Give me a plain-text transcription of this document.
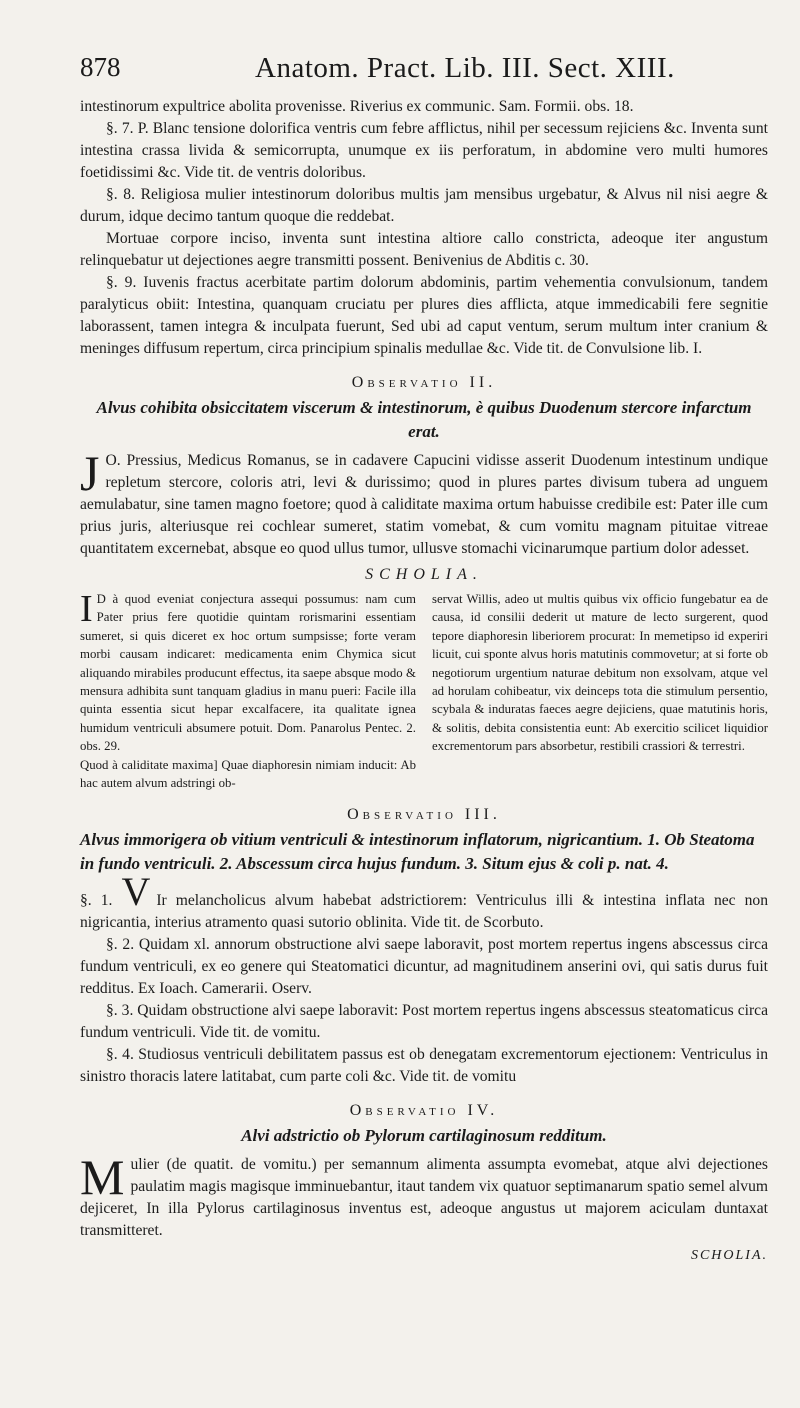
878	Anatom. Pract. Lib. III. Sect. XIII.

intestinorum expultrice abolita provenisse. Riverius ex communic. Sam. Formii. obs. 18.

§. 7. P. Blanc tensione dolorifica ventris cum febre afflictus, nihil per secessum rejiciens &c. Inventa sunt intestina crassa livida & semicorrupta, unumque ex iis perforatum, in abdomine vero multi humores foetidissimi &c. Vide tit. de ventris doloribus.

§. 8. Religiosa mulier intestinorum doloribus multis jam mensibus urgebatur, & Alvus nil nisi aegre & durum, idque decimo tantum quoque die reddebat.

Mortuae corpore inciso, inventa sunt intestina altiore callo constricta, adeoque iter angustum relinquebatur ut dejectiones aegre transmitti possent. Benivenius de Abditis c. 30.

§. 9. Iuvenis fractus acerbitate partim dolorum abdominis, partim vehementia convulsionum, tandem paralyticus obiit: Intestina, quanquam cruciatu per plures dies afflicta, atque immedicabili fere segnitie laborassent, tamen integra & inculpata fuerunt, Sed ubi ad caput ventum, serum multum inter cranium & meninges diffusum repertum, circa principium spinalis medullae &c. Vide tit. de Convulsione lib. I.

Observatio II.
Alvus cohibita obsiccitatem viscerum & intestinorum, è quibus Duodenum stercore infarctum erat.

J O. Pressius, Medicus Romanus, se in cadavere Capucini vidisse asserit Duodenum intestinum undique repletum stercore, coloris atri, levi & durissimo; quod in plures partes divisum tubera ad unguem aemulabatur, sine tamen magno foetore; quod à caliditate maxima ortum habuisse credibile est: Pater ille cum prius juris, alteriusque rei cochlear sumeret, statim vomebat, & cum vomitu magnam pituitae vitreae quantitatem excernebat, absque eo quod ullus tumor, ullusve stomachi vicinarumque partium dolor adesset.

SCHOLIA.
I D à quod eveniat conjectura assequi possumus: nam cum Pater prius fere quotidie quintam rorismarini essentiam sumeret, si quis diceret ex hoc ortum sumpsisse; forte veram morbi causam indicaret: medicamenta enim Chymica sicut aliquando mirabiles producunt effectus, ita saepe absque modo & mensura adhibita sunt tanquam gladius in manu pueri: Facile illa quinta essentia sicut hepar excalfacere, ita qualitate ignea humidum ventriculi absumere potuit. Dom. Panarolus Pentec. 2. obs. 29.
Quod à caliditate maxima] Quae diaphoresin nimiam inducit: Ab hac autem alvum adstringi ob-
servat Willis, adeo ut multis quibus vix officio fungebatur ea de causa, id consilii dederit ut mature de lecto surgerent, quod tepore diaphoresin liberiorem procurat: In memetipso id experiri licuit, cui sponte alvus horis matutinis commovetur; at si forte ob negotiorum urgentium naturae debitum non exsolvam, atque vel ad horulam cohibeatur, vix deinceps tota die stimulum persentio, scybala & induratas faeces aegre dejiciens, quae matutinis horis, & solitis, debita consistentia eunt: Ab exercitio scilicet liquidior excrementorum pars absorbetur, restibili crassiori & terrestri.
Observatio III.
Alvus immorigera ob vitium ventriculi & intestinorum inflatorum, nigricantium. 1. Ob Steatoma in fundo ventriculi. 2. Abscessum circa hujus fundum. 3. Situm ejus & coli p. nat. 4.

§. 1. V Ir melancholicus alvum habebat adstrictiorem: Ventriculus illi & intestina inflata nec non nigricantia, interius atramento quasi sutorio oblinita. Vide tit. de Scorbuto.

§. 2. Quidam xl. annorum obstructione alvi saepe laboravit, post mortem repertus ingens abscessus circa fundum ventriculi, ex eo genere qui Steatomatici dicuntur, ad magnitudinem anserini ovi, qui satis durus fuit redditus. Ex Ioach. Camerarii. Oserv.

§. 3. Quidam obstructione alvi saepe laboravit: Post mortem repertus ingens abscessus steatomaticus circa fundum ventriculi. Vide tit. de vomitu.

§. 4. Studiosus ventriculi debilitatem passus est ob denegatam excrementorum ejectionem: Ventriculus in sinistro thoracis latere latitabat, cum parte coli &c. Vide tit. de vomitu

Observatio IV.
Alvi adstrictio ob Pylorum cartilaginosum redditum.

Mulier (de quatit. de vomitu.) per semannum alimenta assumpta evomebat, atque alvi dejectiones paulatim magis magisque imminuebantur, itaut tandem vix quatuor septimanarum spatio semel alvum dejiceret, In illa Pylorus cartilaginosus inventus est, adeoque angustus ut majorem aciculam duntaxat transmitteret.

SCHOLIA.
